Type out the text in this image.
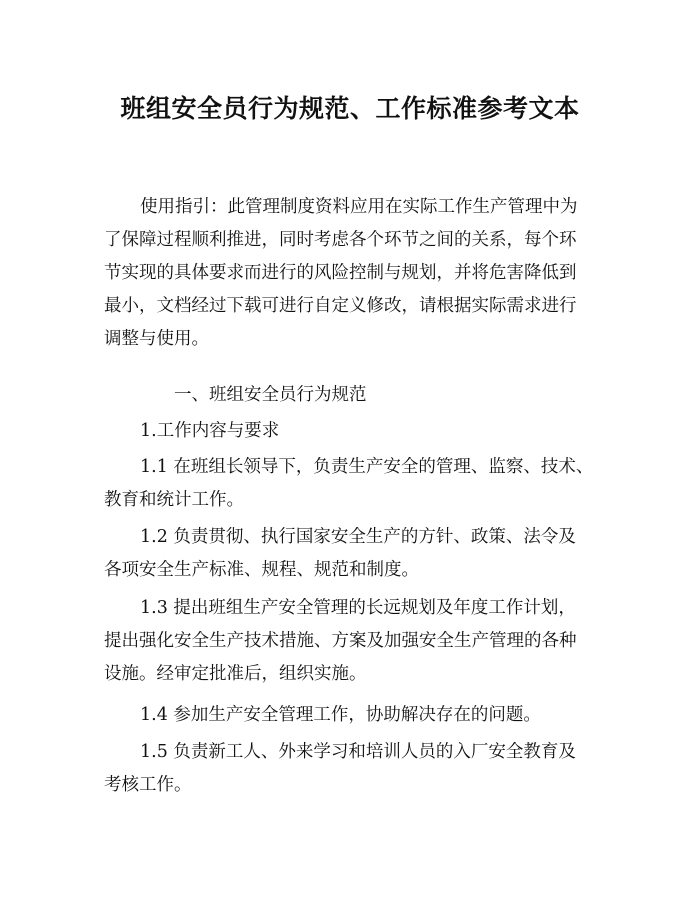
班组安全员行为规范、工作标准参考文本
使用指引：此管理制度资料应用在实际工作生产管理中为
了保障过程顺利推进，同时考虑各个环节之间的关系，每个环
节实现的具体要求而进行的风险控制与规划，并将危害降低到
最小，文档经过下载可进行自定义修改，请根据实际需求进行
调整与使用。
一、班组安全员行为规范
1.工作内容与要求
1.1 在班组长领导下，负责生产安全的管理、监察、技术、
教育和统计工作。
1.2 负责贯彻、执行国家安全生产的方针、政策、法令及
各项安全生产标准、规程、规范和制度。
1.3 提出班组生产安全管理的长远规划及年度工作计划，
提出强化安全生产技术措施、方案及加强安全生产管理的各种
设施。经审定批准后，组织实施。
1.4 参加生产安全管理工作，协助解决存在的问题。
1.5 负责新工人、外来学习和培训人员的入厂安全教育及
考核工作。
